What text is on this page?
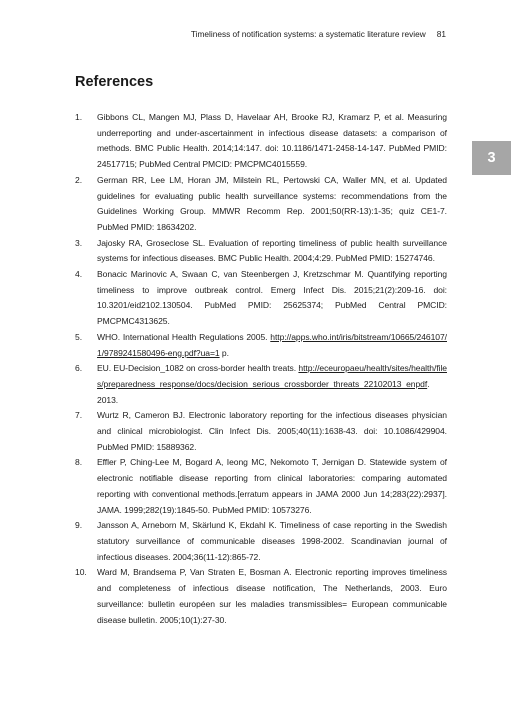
Timeliness of notification systems: a systematic literature review 81
3
References
1. Gibbons CL, Mangen MJ, Plass D, Havelaar AH, Brooke RJ, Kramarz P, et al. Measuring underreporting and under-ascertainment in infectious disease datasets: a comparison of methods. BMC Public Health. 2014;14:147. doi: 10.1186/1471-2458-14-147. PubMed PMID: 24517715; PubMed Central PMCID: PMCPMC4015559.
2. German RR, Lee LM, Horan JM, Milstein RL, Pertowski CA, Waller MN, et al. Updated guidelines for evaluating public health surveillance systems: recommendations from the Guidelines Working Group. MMWR Recomm Rep. 2001;50(RR-13):1-35; quiz CE1-7. PubMed PMID: 18634202.
3. Jajosky RA, Groseclose SL. Evaluation of reporting timeliness of public health surveillance systems for infectious diseases. BMC Public Health. 2004;4:29. PubMed PMID: 15274746.
4. Bonacic Marinovic A, Swaan C, van Steenbergen J, Kretzschmar M. Quantifying reporting timeliness to improve outbreak control. Emerg Infect Dis. 2015;21(2):209-16. doi: 10.3201/eid2102.130504. PubMed PMID: 25625374; PubMed Central PMCID: PMCPMC4313625.
5. WHO. International Health Regulations 2005. http://apps.who.int/iris/bitstream/10665/246107/1/9789241580496-eng.pdf?ua=1 p.
6. EU. EU-Decision_1082 on cross-border health treats. http://eceuropaeu/health/sites/health/files/preparedness_response/docs/decision_serious_crossborder_threats_22102013_enpdf. 2013.
7. Wurtz R, Cameron BJ. Electronic laboratory reporting for the infectious diseases physician and clinical microbiologist. Clin Infect Dis. 2005;40(11):1638-43. doi: 10.1086/429904. PubMed PMID: 15889362.
8. Effler P, Ching-Lee M, Bogard A, Ieong MC, Nekomoto T, Jernigan D. Statewide system of electronic notifiable disease reporting from clinical laboratories: comparing automated reporting with conventional methods.[erratum appears in JAMA 2000 Jun 14;283(22):2937]. JAMA. 1999;282(19):1845-50. PubMed PMID: 10573276.
9. Jansson A, Arneborn M, Skärlund K, Ekdahl K. Timeliness of case reporting in the Swedish statutory surveillance of communicable diseases 1998-2002. Scandinavian journal of infectious diseases. 2004;36(11-12):865-72.
10. Ward M, Brandsema P, Van Straten E, Bosman A. Electronic reporting improves timeliness and completeness of infectious disease notification, The Netherlands, 2003. Euro surveillance: bulletin européen sur les maladies transmissibles= European communicable disease bulletin. 2005;10(1):27-30.
